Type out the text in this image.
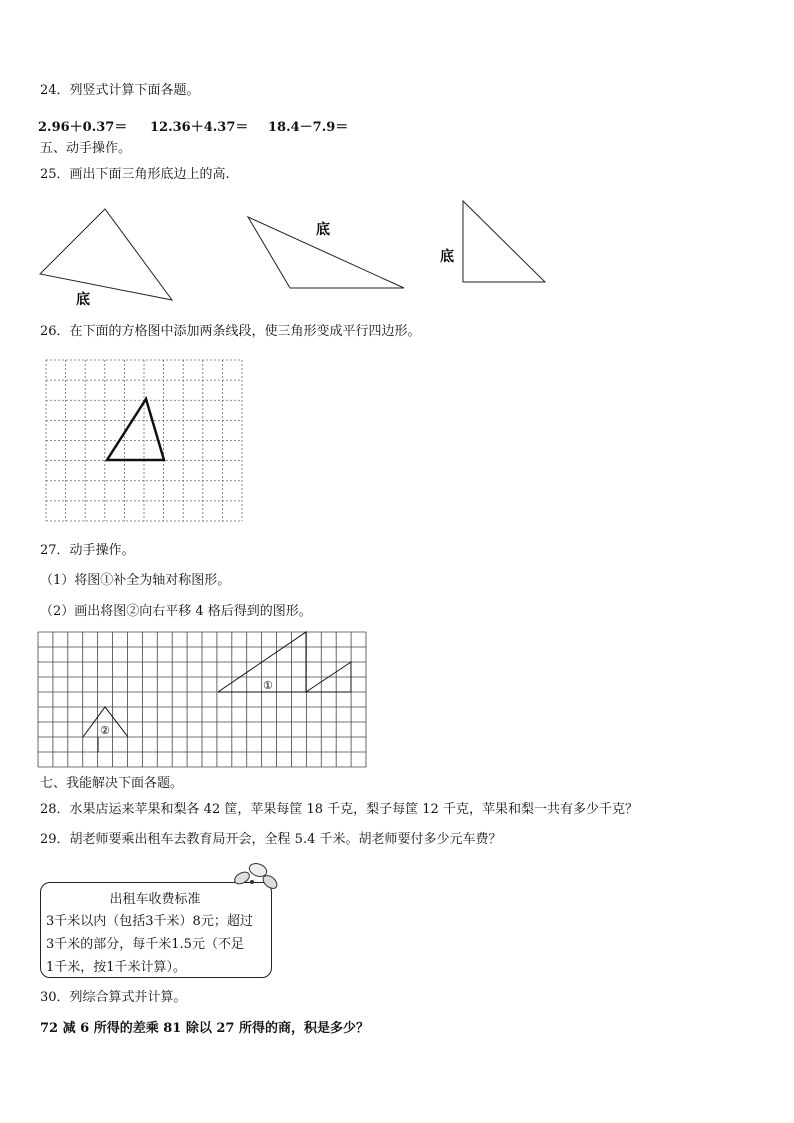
24．列竖式计算下面各题。
2.96＋0.37＝ 12.36＋4.37＝ 18.4－7.9＝
五、动手操作。
25．画出下面三角形底边上的高.
底
底
底
26．在下面的方格图中添加两条线段，使三角形变成平行四边形。
27．动手操作。
（1）将图①补全为轴对称图形。
（2）画出将图②向右平移 4 格后得到的图形。
①
②
七、我能解决下面各题。
28．水果店运来苹果和梨各 42 筐，苹果每筐 18 千克，梨子每筐 12 千克，苹果和梨一共有多少千克？
29．胡老师要乘出租车去教育局开会，全程 5.4 千米。胡老师要付多少元车费？
出租车收费标准
3千米以内（包括3千米）8元；超过
3千米的部分，每千米1.5元（不足
1千米，按1千米计算）。
30．列综合算式并计算。
72 减 6 所得的差乘 81 除以 27 所得的商，积是多少？
